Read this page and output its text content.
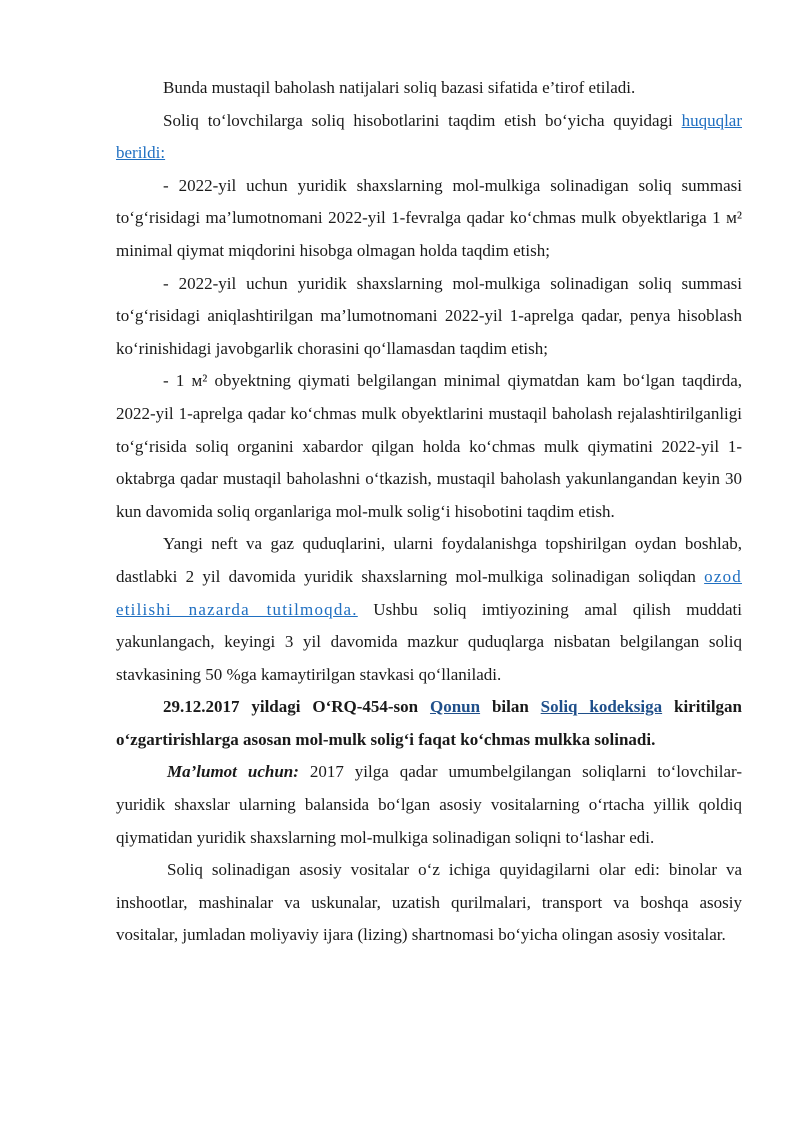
Bunda mustaqil baholash natijalari soliq bazasi sifatida e’tirof etiladi.

Soliq to‘lovchilarga soliq hisobotlarini taqdim etish bo‘yicha quyidagi huquqlar berildi:

- 2022-yil uchun yuridik shaxslarning mol-mulkiga solinadigan soliq summasi to‘g‘risidagi ma’lumotnomani 2022-yil 1-fevralga qadar ko‘chmas mulk obyektlariga 1 м² minimal qiymat miqdorini hisobga olmagan holda taqdim etish;

- 2022-yil uchun yuridik shaxslarning mol-mulkiga solinadigan soliq summasi to‘g‘risidagi aniqlashtirilgan ma’lumotnomani 2022-yil 1-aprelga qadar, penya hisoblash ko‘rinishidagi javobgarlik chorasini qo‘llamasdan taqdim etish;

- 1 м² obyektning qiymati belgilangan minimal qiymatdan kam bo‘lgan taqdirda, 2022-yil 1-aprelga qadar ko‘chmas mulk obyektlarini mustaqil baholash rejalashtirilganligi to‘g‘risida soliq organini xabardor qilgan holda ko‘chmas mulk qiymatini 2022-yil 1-oktabrga qadar mustaqil baholashni o‘tkazish, mustaqil baholash yakunlangandan keyin 30 kun davomida soliq organlariga mol-mulk solig‘i hisobotini taqdim etish.

Yangi neft va gaz quduqlarini, ularni foydalanishga topshirilgan oydan boshlab, dastlabki 2 yil davomida yuridik shaxslarning mol-mulkiga solinadigan soliqdan ozod etilishi nazarda tutilmoqda. Ushbu soliq imtiyozining amal qilish muddati yakunlangach, keyingi 3 yil davomida mazkur quduqlarga nisbatan belgilangan soliq stavkasining 50 %ga kamaytirilgan stavkasi qo‘llaniladi.

29.12.2017 yildagi O‘RQ-454-son Qonun bilan Soliq kodeksiga kiritilgan o‘zgartirishlarga asosan mol-mulk solig‘i faqat ko‘chmas mulkka solinadi.

Ma’lumot uchun: 2017 yilga qadar umumbelgilangan soliqlarni to‘lovchilar-yuridik shaxslar ularning balansida bo‘lgan asosiy vositalarning o‘rtacha yillik qoldiq qiymatidan yuridik shaxslarning mol-mulkiga solinadigan soliqni to‘lashar edi.

Soliq solinadigan asosiy vositalar o‘z ichiga quyidagilarni olar edi: binolar va inshootlar, mashinalar va uskunalar, uzatish qurilmalari, transport va boshqa asosiy vositalar, jumladan moliyaviy ijara (lizing) shartnomasi bo‘yicha olingan asosiy vositalar.
